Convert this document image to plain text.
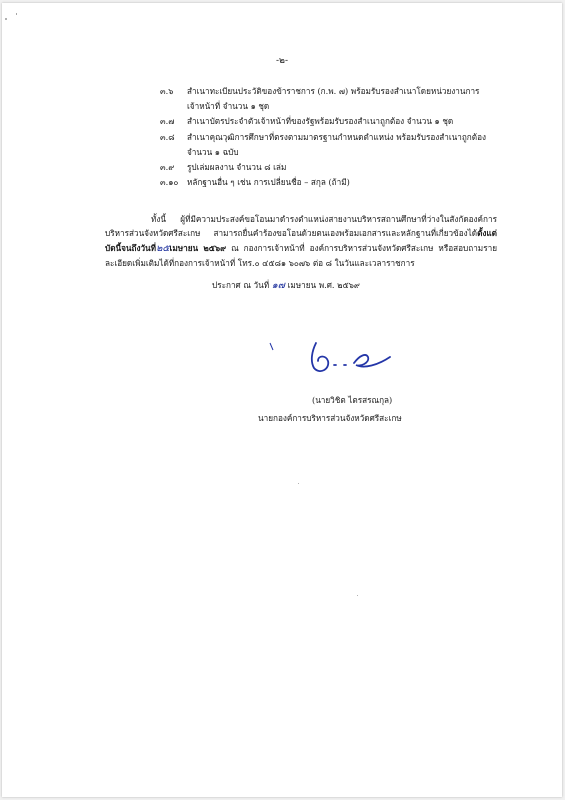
-๒-
๓.๖	สำเนาทะเบียนประวัติของข้าราชการ (ก.พ. ๗) พร้อมรับรองสำเนาโดยหน่วยงานการเจ้าหน้าที่ จำนวน ๑ ชุด
๓.๗	สำเนาบัตรประจำตัวเจ้าหน้าที่ของรัฐพร้อมรับรองสำเนาถูกต้อง จำนวน ๑ ชุด
๓.๘	สำเนาคุณวุฒิการศึกษาที่ตรงตามมาตรฐานกำหนดตำแหน่ง พร้อมรับรองสำเนาถูกต้อง จำนวน ๑ ฉบับ
๓.๙	รูปเล่มผลงาน จำนวน ๘ เล่ม
๓.๑๐	หลักฐานอื่น ๆ เช่น การเปลี่ยนชื่อ – สกุล (ถ้ามี)
ทั้งนี้ ผู้ที่มีความประสงค์ขอโอนมาดำรงตำแหน่งสายงานบริหารสถานศึกษาที่ว่างในสังกัดองค์การบริหารส่วนจังหวัดศรีสะเกษ สามารถยื่นคำร้องขอโอนด้วยตนเองพร้อมเอกสารและหลักฐานที่เกี่ยวข้องได้ตั้งแต่บัดนี้จนถึงวันที่๒๕เมษายน ๒๕๖๙ ณ กองการเจ้าหน้าที่ องค์การบริหารส่วนจังหวัดศรีสะเกษ หรือสอบถามรายละเอียดเพิ่มเติมได้ที่กองการเจ้าหน้าที่ โทร.๐ ๔๕๘๑ ๖๐๗๖ ต่อ ๘ ในวันและเวลาราชการ
ประกาศ ณ วันที่ ๑๗ เมษายน พ.ศ. ๒๕๖๙
(นายวิชิต ไตรสรณกุล)
นายกองค์การบริหารส่วนจังหวัดศรีสะเกษ
